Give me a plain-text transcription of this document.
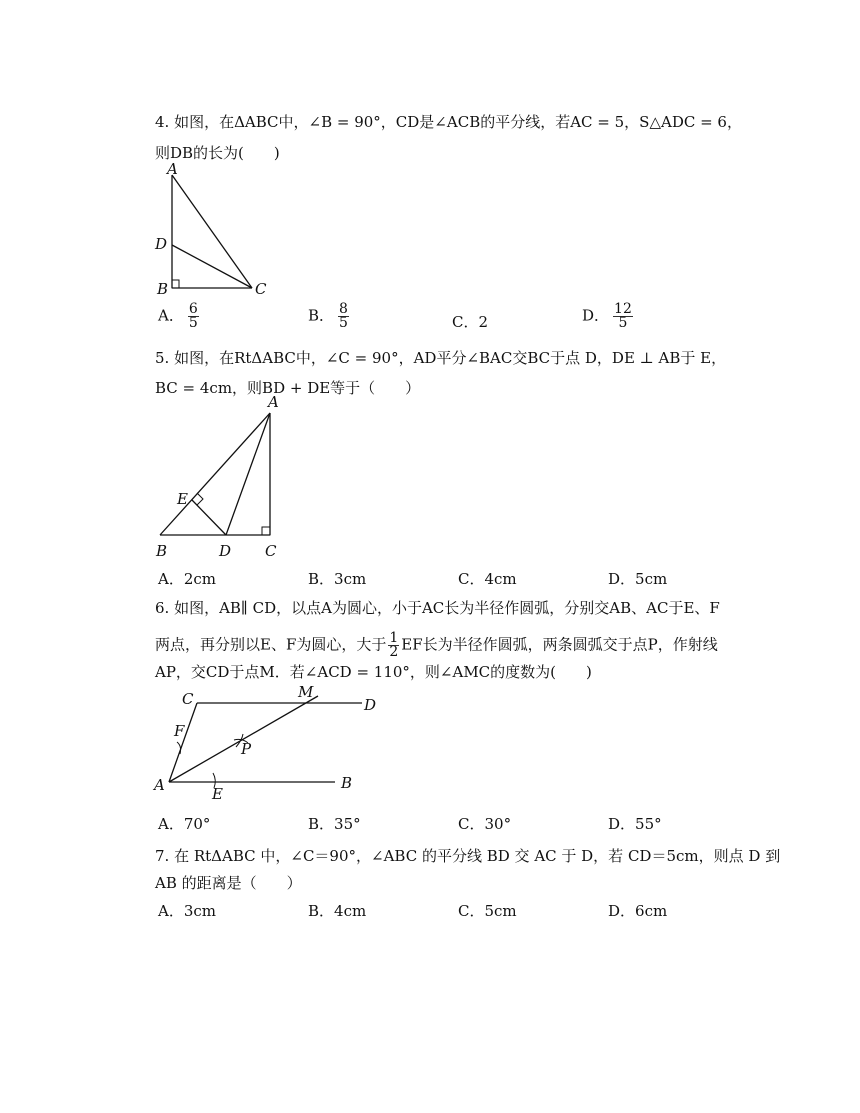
4. 如图，在ΔABC中，∠B = 90°，CD是∠ACB的平分线，若AC = 5，S△ADC = 6，
则DB的长为(　　)
A
D
B	C
A． $\frac{6}{5}$	B． $\frac{8}{5}$	C．2	D． $\frac{12}{5}$
5. 如图，在RtΔABC中，∠C = 90°，AD平分∠BAC交BC于点 D，DE ⊥ AB于 E，
BC = 4cm，则BD + DE等于（　　）
A
E
B	D C
A．2cm	B．3cm	C．4cm	D．5cm
6. 如图，AB∥ CD，以点A为圆心，小于AC长为半径作圆弧，分别交AB、AC于E、F
两点，再分别以E、F为圆心，大于 $\frac{1}{2}$ EF长为半径作圆弧，两条圆弧交于点P，作射线
AP，交CD于点M．若∠ACD = 110°，则∠AMC的度数为(　　)
C	M
D
F
P
A	E
B
A．70°	B．35°	C．30°	D．55°
7. 在 RtΔABC 中，∠C＝90°，∠ABC 的平分线 BD 交 AC 于 D，若 CD＝5cm，则点 D 到
AB 的距离是（　　）
A．3cm	B．4cm	C．5cm	D．6cm
